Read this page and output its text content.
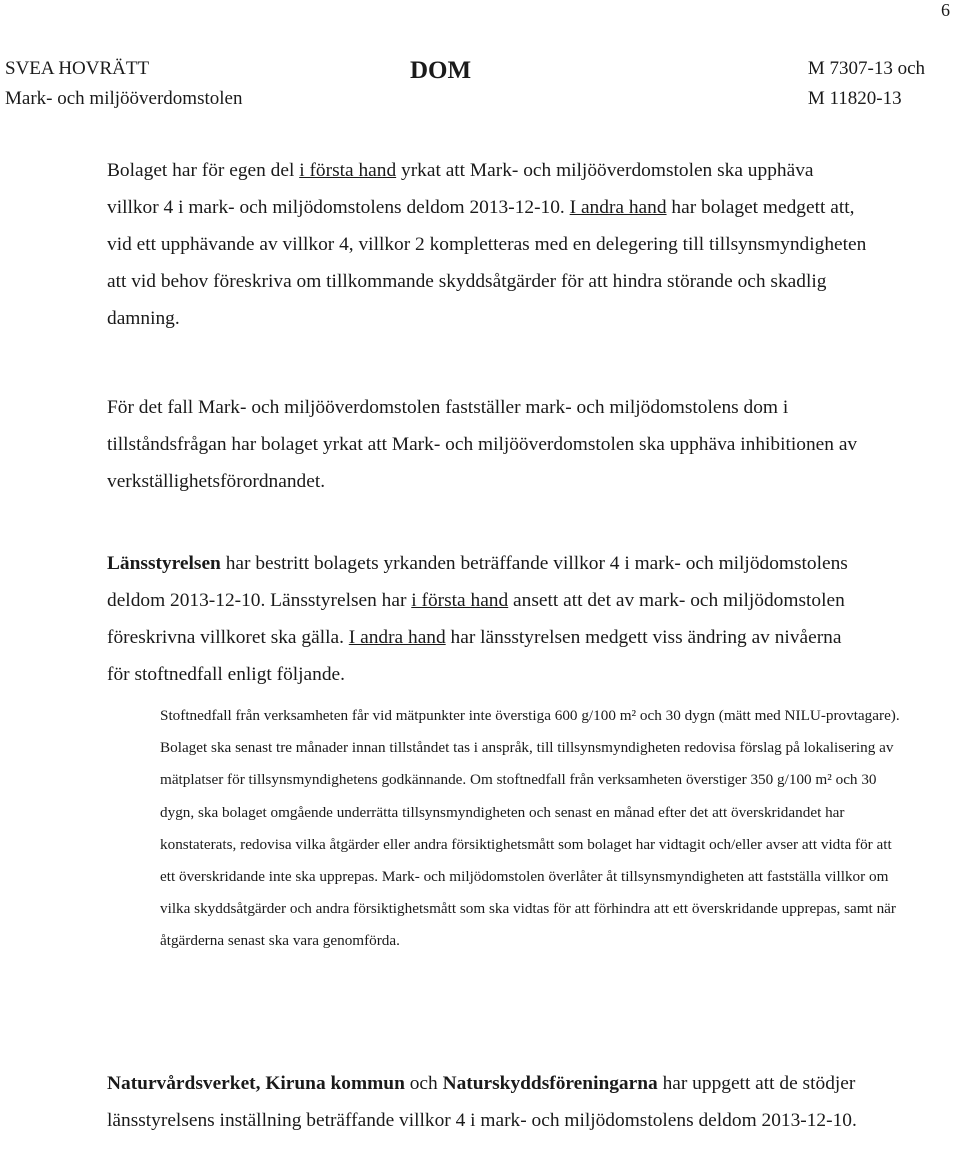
6
SVEA HOVRÄTT
Mark- och miljööverdomstolen
DOM	M 7307-13 och
M 11820-13

Bolaget har för egen del i första hand yrkat att Mark- och miljööverdomstolen ska upphäva villkor 4 i mark- och miljödomstolens deldom 2013-12-10. I andra hand har bolaget medgett att, vid ett upphävande av villkor 4, villkor 2 kompletteras med en delegering till tillsynsmyndigheten att vid behov föreskriva om tillkommande skyddsåtgärder för att hindra störande och skadlig damning.

För det fall Mark- och miljööverdomstolen fastställer mark- och miljödomstolens dom i tillståndsfrågan har bolaget yrkat att Mark- och miljööverdomstolen ska upphäva inhibitionen av verkställighetsförordnandet.

Länsstyrelsen har bestritt bolagets yrkanden beträffande villkor 4 i mark- och miljödomstolens deldom 2013-12-10. Länsstyrelsen har i första hand ansett att det av mark- och miljödomstolen föreskrivna villkoret ska gälla. I andra hand har länsstyrelsen medgett viss ändring av nivåerna för stoftnedfall enligt följande.

Stoftnedfall från verksamheten får vid mätpunkter inte överstiga 600 g/100 m² och 30 dygn (mätt med NILU-provtagare). Bolaget ska senast tre månader innan tillståndet tas i anspråk, till tillsynsmyndigheten redovisa förslag på lokalisering av mätplatser för tillsynsmyndighetens godkännande. Om stoftnedfall från verksamheten överstiger 350 g/100 m² och 30 dygn, ska bolaget omgående underrätta tillsynsmyndigheten och senast en månad efter det att överskridandet har konstaterats, redovisa vilka åtgärder eller andra försiktighetsmått som bolaget har vidtagit och/eller avser att vidta för att ett överskridande inte ska upprepas. Mark- och miljödomstolen överlåter åt tillsynsmyndigheten att fastställa villkor om vilka skyddsåtgärder och andra försiktighetsmått som ska vidtas för att förhindra att ett överskridande upprepas, samt när åtgärderna senast ska vara genomförda.

Naturvårdsverket, Kiruna kommun och Naturskyddsföreningarna har uppgett att de stödjer länsstyrelsens inställning beträffande villkor 4 i mark- och miljödomstolens deldom 2013-12-10.
